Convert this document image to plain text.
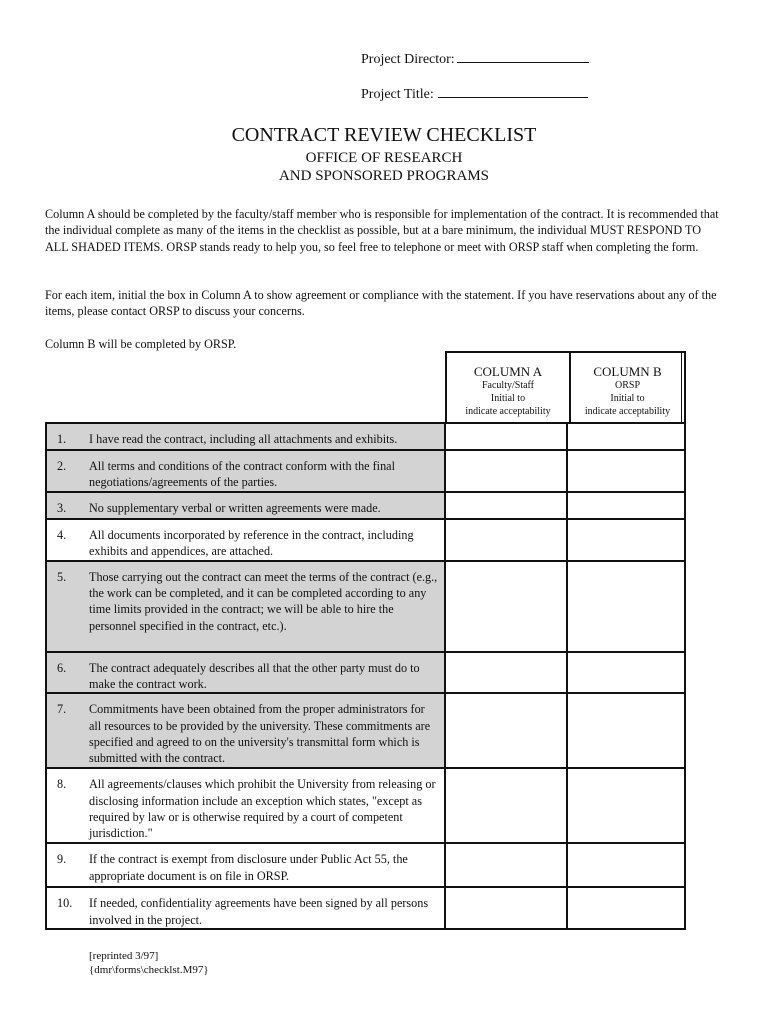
Project Director:
Project Title:
CONTRACT REVIEW CHECKLIST
OFFICE OF RESEARCH
AND SPONSORED PROGRAMS

Column A should be completed by the faculty/staff member who is responsible for implementation of the contract. It is recommended that the individual complete as many of the items in the checklist as possible, but at a bare minimum, the individual MUST RESPOND TO ALL SHADED ITEMS. ORSP stands ready to help you, so feel free to telephone or meet with ORSP staff when completing the form.

For each item, initial the box in Column A to show agreement or compliance with the statement. If you have reservations about any of the items, please contact ORSP to discuss your concerns.

Column B will be completed by ORSP.

COLUMN A
Faculty/Staff
Initial to
indicate acceptability
COLUMN B
ORSP
Initial to
indicate acceptability
1. I have read the contract, including all attachments and exhibits.		

2. All terms and conditions of the contract conform with the final negotiations/agreements of the parties.		

3. No supplementary verbal or written agreements were made.		

4. All documents incorporated by reference in the contract, including exhibits and appendices, are attached.		

5. Those carrying out the contract can meet the terms of the contract (e.g., the work can be completed, and it can be completed according to any time limits provided in the contract; we will be able to hire the personnel specified in the contract, etc.).		

6. The contract adequately describes all that the other party must do to make the contract work.		

7. Commitments have been obtained from the proper administrators for all resources to be provided by the university. These commitments are specified and agreed to on the university's transmittal form which is submitted with the contract.		

8. All agreements/clauses which prohibit the University from releasing or disclosing information include an exception which states, "except as required by law or is otherwise required by a court of competent jurisdiction."		

9. If the contract is exempt from disclosure under Public Act 55, the appropriate document is on file in ORSP.		

10. If needed, confidentiality agreements have been signed by all persons involved in the project.		

[reprinted 3/97]
{dmr\forms\checklst.M97}
